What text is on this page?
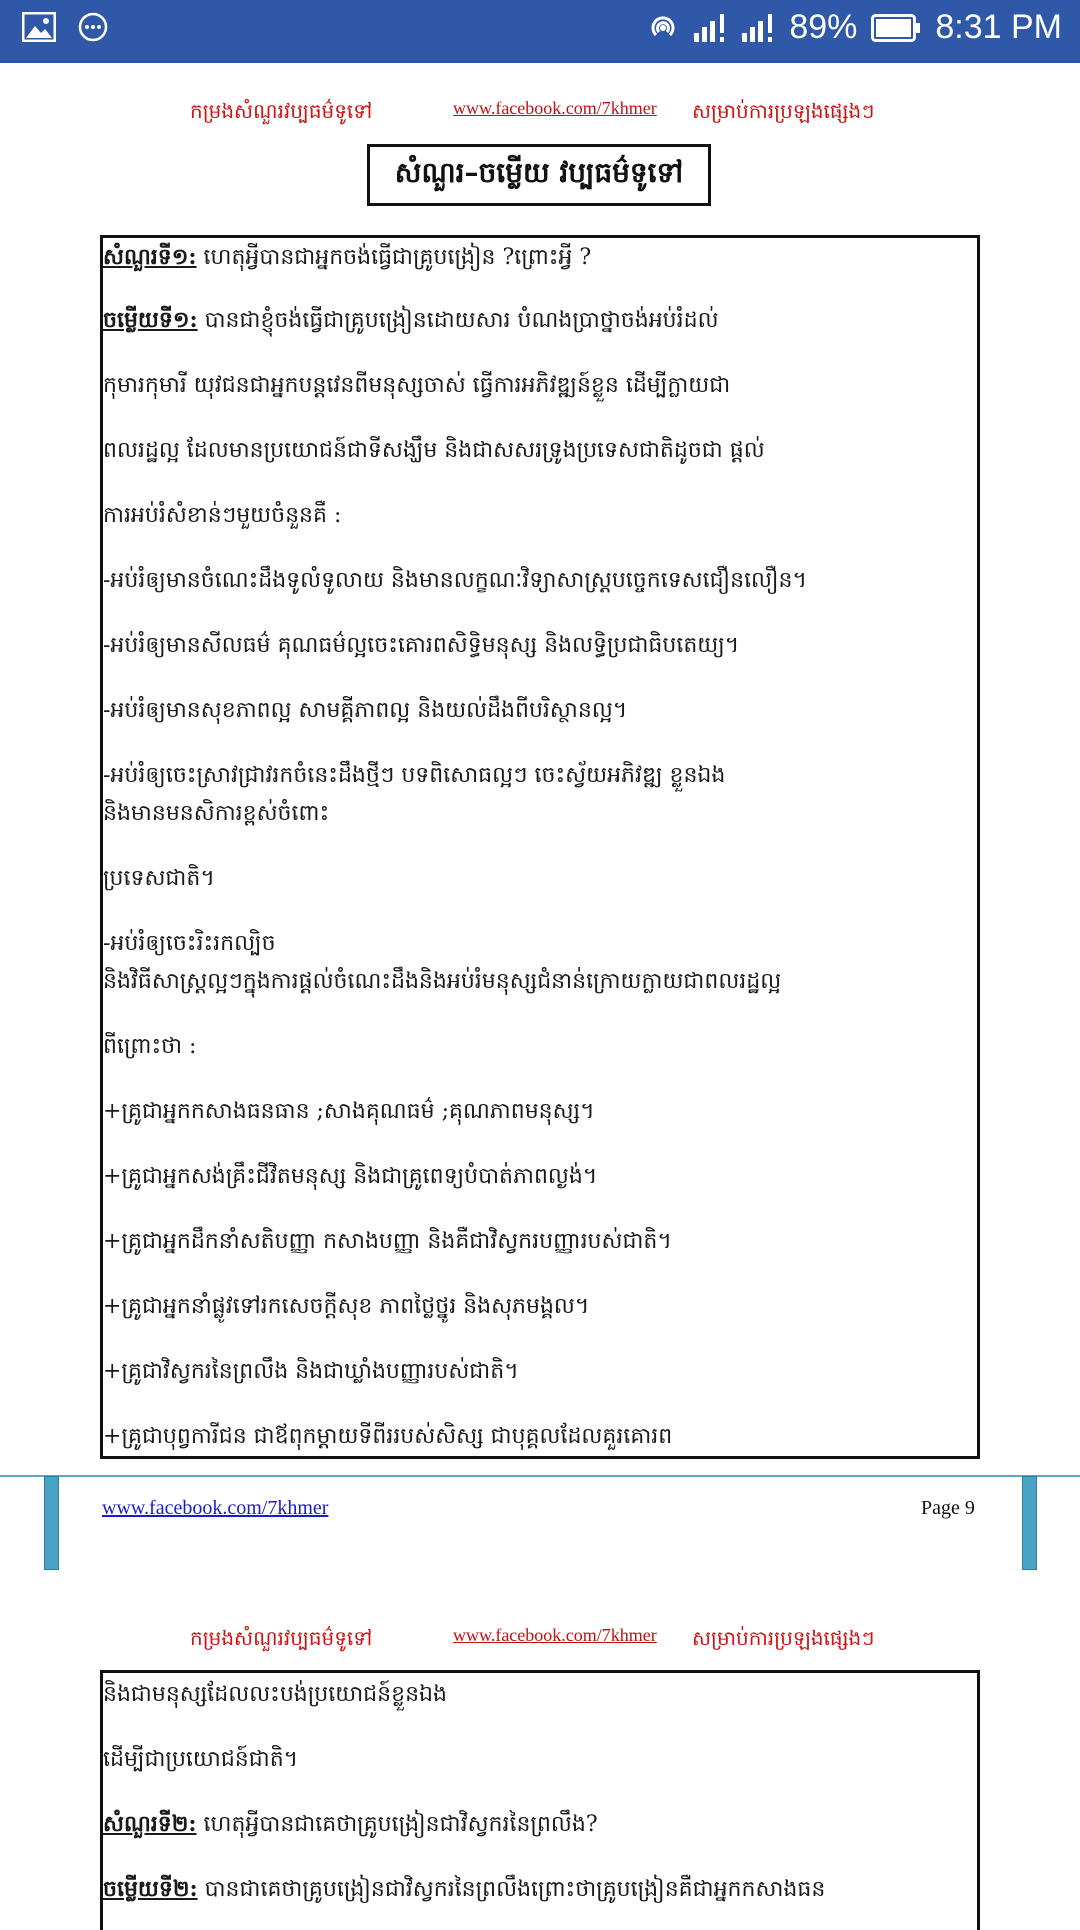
89% 8:31 PM
កម្រងសំណួរវប្បធម៌ទូទៅ	www.facebook.com/7khmer សម្រាប់ការប្រឡងផ្សេងៗ
សំណួរ–ចម្លើយ វប្បធម៌ទូទៅ
សំណួរទី១: ហេតុអ្វីបានជាអ្នកចង់ធ្វើជាគ្រូបង្រៀន ?ព្រោះអ្វី ?
ចម្លើយទី១: បានជាខ្ញុំចង់ធ្វើជាគ្រូបង្រៀនដោយសារ បំណងប្រាថ្នាចង់អប់រំដល់
កុមារកុមារី យុវជនជាអ្នកបន្តវេនពីមនុស្សចាស់ ធ្វើការអភិវឌ្ឍន៍ខ្លួន ដើម្បីក្លាយជា
ពលរដ្ឋល្អ ដែលមានប្រយោជន៍ជាទីសង្ឃឹម និងជាសសរទ្រូងប្រទេសជាតិដូចជា ផ្តល់
ការអប់រំសំខាន់ៗមួយចំនួនគឺ :
-អប់រំឲ្យមានចំណេះដឹងទូលំទូលាយ និងមានលក្ខណៈវិទ្យាសាស្ត្របច្ចេកទេសជឿនលឿន។
-អប់រំឲ្យមានសីលធម៌ គុណធម៌ល្អចេះគោរពសិទ្ធិមនុស្ស និងលទ្ធិប្រជាធិបតេយ្យ។
-អប់រំឲ្យមានសុខភាពល្អ សាមគ្គីភាពល្អ និងយល់ដឹងពីបរិស្ថានល្អ។
-អប់រំឲ្យចេះស្រាវជ្រាវរកចំនេះដឹងថ្មីៗ បទពិសោធល្អៗ ចេះស្វ័យអភិវឌ្ឍ ខ្លួនឯង
និងមានមនសិការខ្ពស់ចំពោះ
ប្រទេសជាតិ។
-អប់រំឲ្យចេះរិះរកល្បិច
និងវិធីសាស្ត្រល្អៗក្នុងការផ្តល់ចំណេះដឹងនិងអប់រំមនុស្សជំនាន់ក្រោយក្លាយជាពលរដ្ឋល្អ
ពីព្រោះថា :
+គ្រូជាអ្នកកសាងធនធាន ;សាងគុណធម៌ ;គុណភាពមនុស្ស។
+គ្រូជាអ្នកសង់គ្រឹះជីវិតមនុស្ស និងជាគ្រូពេទ្យបំបាត់ភាពល្ងង់។
+គ្រូជាអ្នកដឹកនាំសតិបញ្ញា កសាងបញ្ញា និងគឺជាវិស្វករបញ្ញារបស់ជាតិ។
+គ្រូជាអ្នកនាំផ្លូវទៅរកសេចក្តីសុខ ភាពថ្លៃថ្នូរ និងសុភមង្គល។
+គ្រូជាវិស្វករនៃព្រលឹង និងជាឃ្លាំងបញ្ញារបស់ជាតិ។
+គ្រូជាបុព្វការីជន ជាឪពុកម្តាយទីពីររបស់សិស្ស ជាបុគ្គលដែលគួរគោរព
www.facebook.com/7khmer	Page 9
កម្រងសំណួរវប្បធម៌ទូទៅ	www.facebook.com/7khmer សម្រាប់ការប្រឡងផ្សេងៗ
និងជាមនុស្សដែលលះបង់ប្រយោជន៍ខ្លួនឯង
ដើម្បីជាប្រយោជន៍ជាតិ។
សំណួរទី២: ហេតុអ្វីបានជាគេថាគ្រូបង្រៀនជាវិស្វករនៃព្រលឹង?
ចម្លើយទី២: បានជាគេថាគ្រូបង្រៀនជាវិស្វករនៃព្រលឹងព្រោះថាគ្រូបង្រៀនគឺជាអ្នកកសាងធន
